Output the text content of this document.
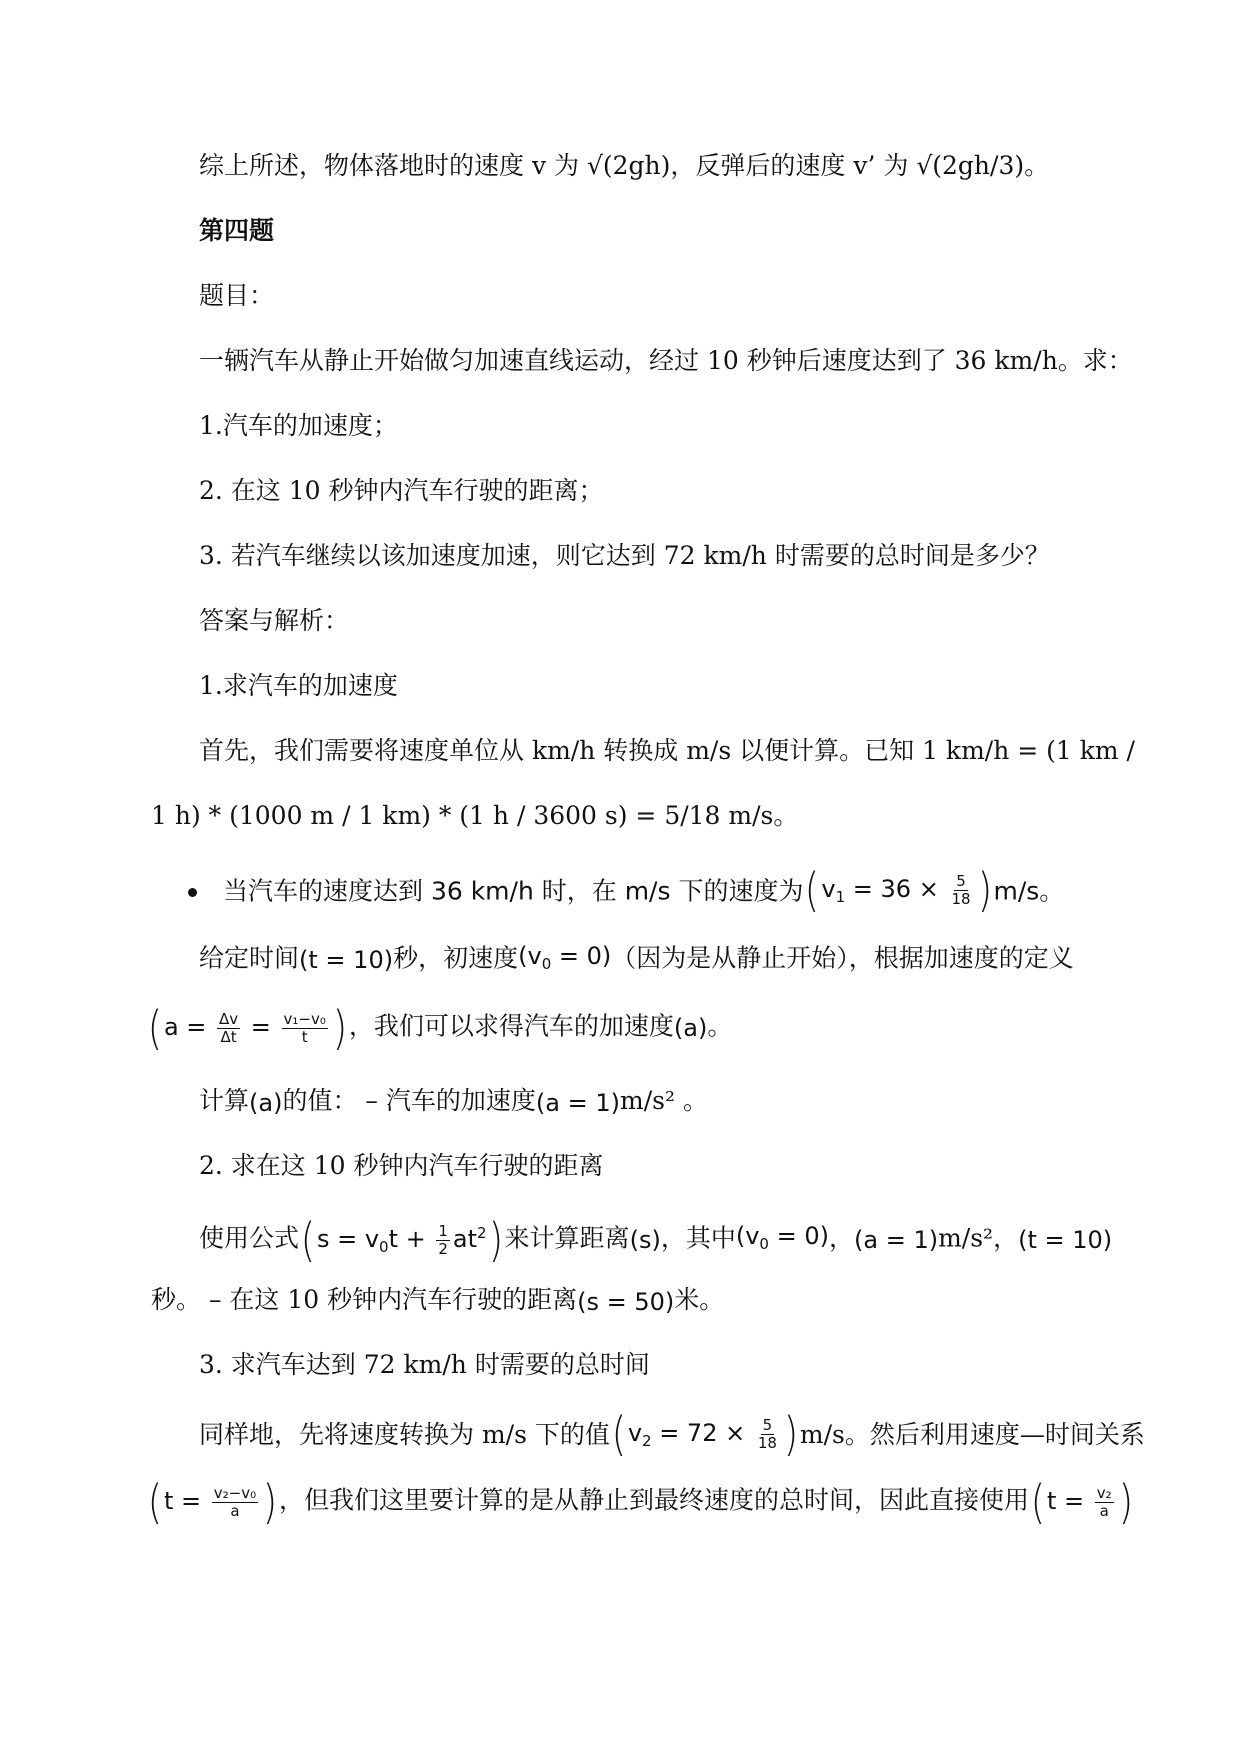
综上所述，物体落地时的速度 v 为 √(2gh)，反弹后的速度 v’ 为 √(2gh/3)。
第四题
题目：
一辆汽车从静止开始做匀加速直线运动，经过 10 秒钟后速度达到了 36 km/h。求：
1.汽车的加速度；
2. 在这 10 秒钟内汽车行驶的距离；
3. 若汽车继续以该加速度加速，则它达到 72 km/h 时需要的总时间是多少？
答案与解析：
1.求汽车的加速度
首先，我们需要将速度单位从 km/h 转换成 m/s 以便计算。已知 1 km/h = (1 km /
1 h) * (1000 m / 1 km) * (1 h / 3600 s) = 5/18 m/s。
当汽车的速度达到 36 km/h 时，在 m/s 下的速度为$(v_1 = 36 \times \frac{5}{18} )m/s$。
给定时间(t = 10)秒，初速度$(v_0 = 0)$（因为是从静止开始），根据加速度的定义
($a = \frac{\Delta v}{\Delta t} = \frac{\text{v₁−v₀}}{t}$ )，我们可以求得汽车的加速度(a)。
计算(a)的值： – 汽车的加速度(a = 1)m/s² 。
2. 求在这 10 秒钟内汽车行驶的距离
使用公式$(s = v_0t + \frac{1}{2} at^2)$来计算距离(s)，其中$(v_0 = 0)$，(a = 1)m/s²，(t = 10)
秒。 – 在这 10 秒钟内汽车行驶的距离(s = 50)米。
3. 求汽车达到 72 km/h 时需要的总时间
同样地，先将速度转换为 m/s 下的值$(v_2 = 72 \times \frac{5}{18} )m/s$。然后利用速度—时间关系
($t = \frac{\text{v₂−v₀}}{a}$ )，但我们这里要计算的是从静止到最终速度的总时间，因此直接使用($t = \frac{\text{v₂}}{a}$ )
